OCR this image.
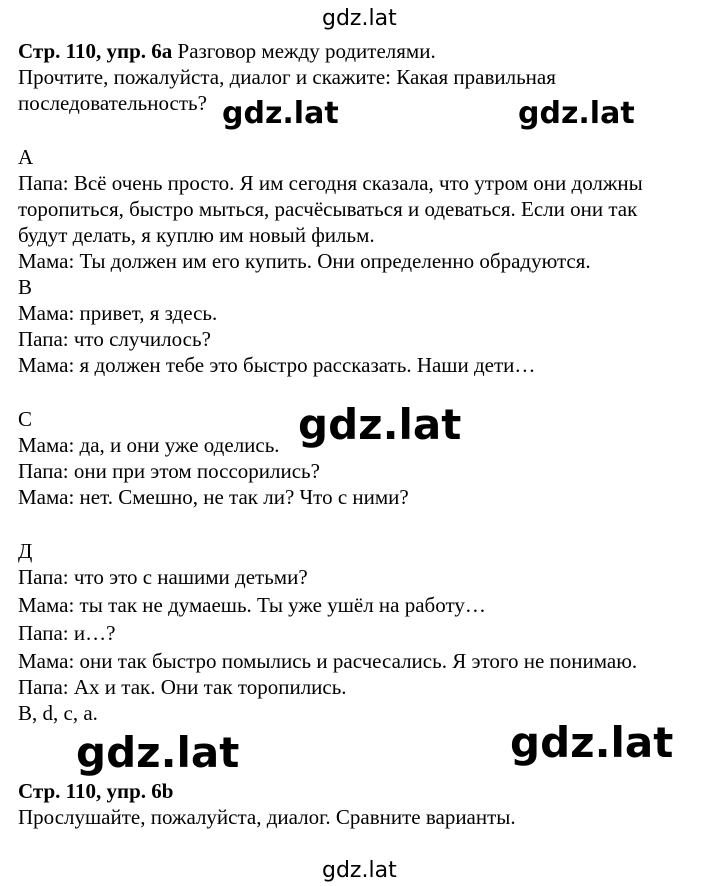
Стр. 110, упр. 6а Разговор между родителями.
Прочтите, пожалуйста, диалог и скажите: Какая правильная
последовательность?
А
Папа: Всё очень просто. Я им сегодня сказала, что утром они должны
торопиться, быстро мыться, расчёсываться и одеваться. Если они так
будут делать, я куплю им новый фильм.
Мама: Ты должен им его купить. Они определенно обрадуются.
В
Мама: привет, я здесь.
Папа: что случилось?
Мама: я должен тебе это быстро рассказать. Наши дети…
С
Мама: да, и они уже оделись.
Папа: они при этом поссорились?
Мама: нет. Смешно, не так ли? Что с ними?
Д
Папа: что это с нашими детьми?
Мама: ты так не думаешь. Ты уже ушёл на работу…
Папа: и…?
Мама: они так быстро помылись и расчесались. Я этого не понимаю.
Папа: Ах и так. Они так торопились.
B, d, c, a.
Стр. 110, упр. 6b
Прослушайте, пожалуйста, диалог. Сравните варианты.
gdz.lat
gdz.lat	gdz.lat
gdz.lat
gdz.lat	gdz.lat
gdz.lat
